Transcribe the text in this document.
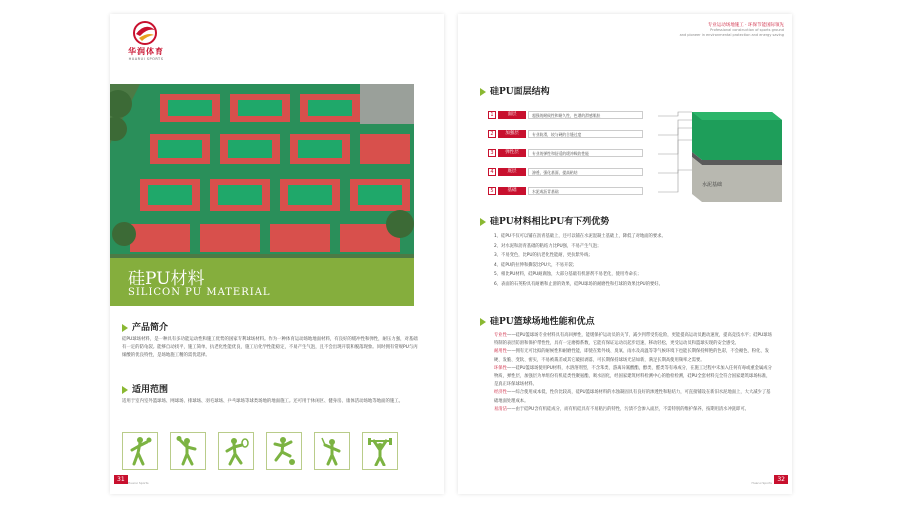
华润体育
HUARUI SPORTS
硅PU材料
SILICON PU MATERIAL
产品简介
硅PU球场材料，是一种具有多功能运动性和施工优势的国家专利球场材料。作为一种体育运动场地地面材料，有良好的缓冲性和弹性，耐压力强，对基础有一定的防龟裂。能够自动找平，施工简单，抗老化性能优良，施工后化学性能稳定，不易产生气泡，且不会出现开裂和脱落现象。同时拥有常规PU与丙烯酸的优良特性，是场地施工精的需优选择。
适用范围
适用于室内室外篮球场、网球场、排球场、羽毛球场、乒乓球场等球类场地的地面施工。还可用于休闲区、健身房、康体活动场地等地面的施工。
31	Huarui Sports
专业运动场地施工 · 环保节能国际领先
Professional construction of sports ground
and pioneer in environmental protection and energy saving
硅PU面层结构
1	面层	超强的耐候性和耐久性，色谱的滑感肌肤
2	加强层	专业防滑，较与硬的合缝过度
3	弹性层	专业的弹性和舒适的缓冲吸收性能
4	底层	渗透，强化基面，提高粘结
5	基础	水泥或沥青基础
水泥基础
硅PU材料相比PU有下列优势
1、硅PU不仅可以铺在沥青基础上，还可以铺在水泥混凝土基础上，降低了对地面的要求。
2、对水泥和沥青基础的粘结力比PU强，不易产生气泡；
3、不易变色，比PU的抗老化性能耐，更抗紫外线；
4、硅PU的拉伸和撕裂比PU大，不易开裂；
5、相比PU材料，硅PU耐腐蚀，大部分基础有机溶剂不易老化，使用寿命长；
6、表面的石英粉具有耐磨和止滑的效果，硅PU球场的耐磨性和打球的效果比PU的要好。
硅PU篮球场地性能和优点
专业性——硅PU篮球场专业材料具有高回弹性，能缓保护运动员的关节，减少到带受伤危险，更能提高运动员跑动速度，提高竞技水平；硅PU球场特制的表层防滑和保护带性性，具有一定磨擦系数，它能有保证运动员起步迅速，移动轻松，更受运动员和篮球实现的安全感受。
耐用性——拥有无可比拟的耐候性和耐磨性能，即使在紫外线、臭氧、雨水及高温等等气候环境下也能长期保持鲜艳的色彩，不会褪色、粉化、发硬、发脆、变软、密实，不易被裁差或其它破损剥落，可长期保持球场光洁如新，满足长期高使用频率之需要。
环保性——硅PU篮球场使用PU材料，水溶溶剂型，不含苯类、游离异氰酸酯，醇类、醛类等有毒成分，在施工过程中未加入任何有毒或重金属成分物质，弹性层，加强层为单组份有机硅类性聚氨酯，吸水固化，经国家建筑材料检测中心的胎检检测，硅PU全套材料完全符合国家建筑球场标准，是真正环保球场材料。
经济性——综合使用成本低，性价比较高，硅PU篮球场材料的水蚀凝固具有良好的渗透性和粘结力，可直接铺设在新旧水泥地面上，大大减少了基础地面处理成本。
易清洁——由于硅PU含有机硅成分，而有机硅具有不易粘污的特性，污渍不会渗入面层，不需特别的维护保养，按期用清水冲洗即可。
Huarui Sports 32
